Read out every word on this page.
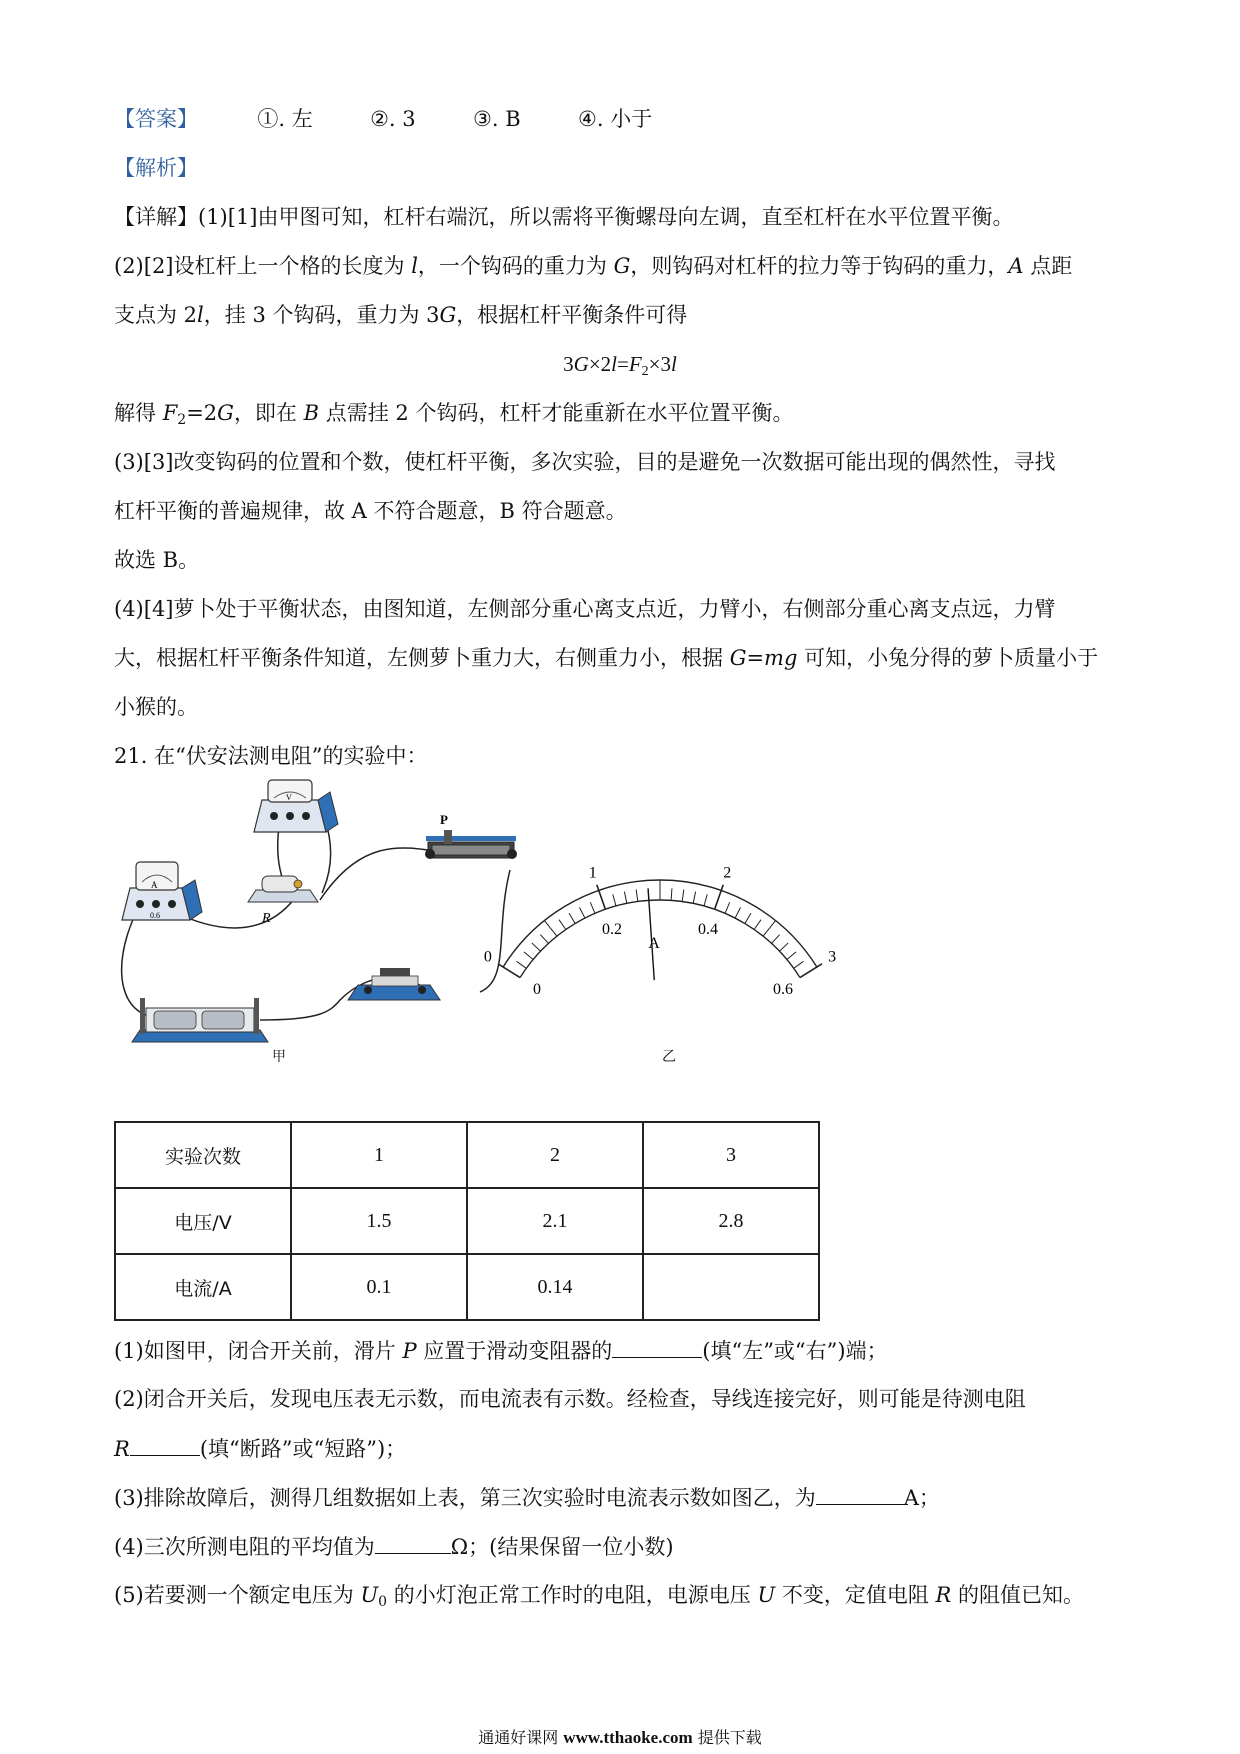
【答案】	①. 左	②. 3	③. B	④. 小于
【解析】
【详解】(1)[1]由甲图可知，杠杆右端沉，所以需将平衡螺母向左调，直至杠杆在水平位置平衡。
(2)[2]设杠杆上一个格的长度为 l，一个钩码的重力为 G，则钩码对杠杆的拉力等于钩码的重力，A 点距
支点为 2l，挂 3 个钩码，重力为 3G，根据杠杆平衡条件可得
$3G\times 2l=F_2\times 3l$
解得 $F_2=2G$，即在 B 点需挂 2 个钩码，杠杆才能重新在水平位置平衡。
(3)[3]改变钩码的位置和个数，使杠杆平衡，多次实验，目的是避免一次数据可能出现的偶然性，寻找
杠杆平衡的普遍规律，故 A 不符合题意，B 符合题意。
故选 B。
(4)[4]萝卜处于平衡状态，由图知道，左侧部分重心离支点近，力臂小，右侧部分重心离支点远，力臂
大，根据杠杆平衡条件知道，左侧萝卜重力大，右侧重力小，根据 G=mg 可知，小兔分得的萝卜质量小于
小猴的。
21. 在“伏安法测电阻”的实验中：
A
0.6
V
R
P
甲
0
1	2
3
0
0.2	0.4
0.6
A
乙
实验次数	1	2	3
电压/V	1.5	2.1	2.8
电流/A	0.1	0.14	
(1)如图甲，闭合开关前，滑片 P 应置于滑动变阻器的	(填“左”或“右”)端；
(2)闭合开关后，发现电压表无示数，而电流表有示数。经检查，导线连接完好，则可能是待测电阻
R	(填“断路”或“短路”)；
(3)排除故障后，测得几组数据如上表，第三次实验时电流表示数如图乙，为	A；
(4)三次所测电阻的平均值为	Ω；(结果保留一位小数)
(5)若要测一个额定电压为 $U_0$ 的小灯泡正常工作时的电阻，电源电压 U 不变，定值电阻 R 的阻值已知。
通通好课网 www.tthaoke.com 提供下载
